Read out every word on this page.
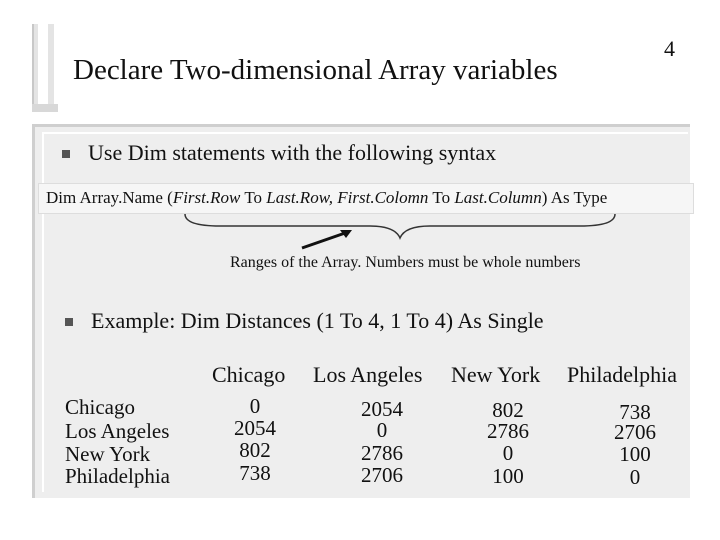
Declare Two-dimensional Array variables
4
Use Dim statements with the following syntax
Dim Array.Name (First.Row To Last.Row, First.Colomn To Last.Column) As Type
Ranges of the Array. Numbers must be whole numbers
Example: Dim Distances (1 To 4, 1 To 4) As Single
Chicago Los Angeles New York Philadelphia
Chicago
Los Angeles
New York
Philadelphia
0
2054
802
738
2054
0
2786
2706
802
2786
0
100
738
2706
100
0
